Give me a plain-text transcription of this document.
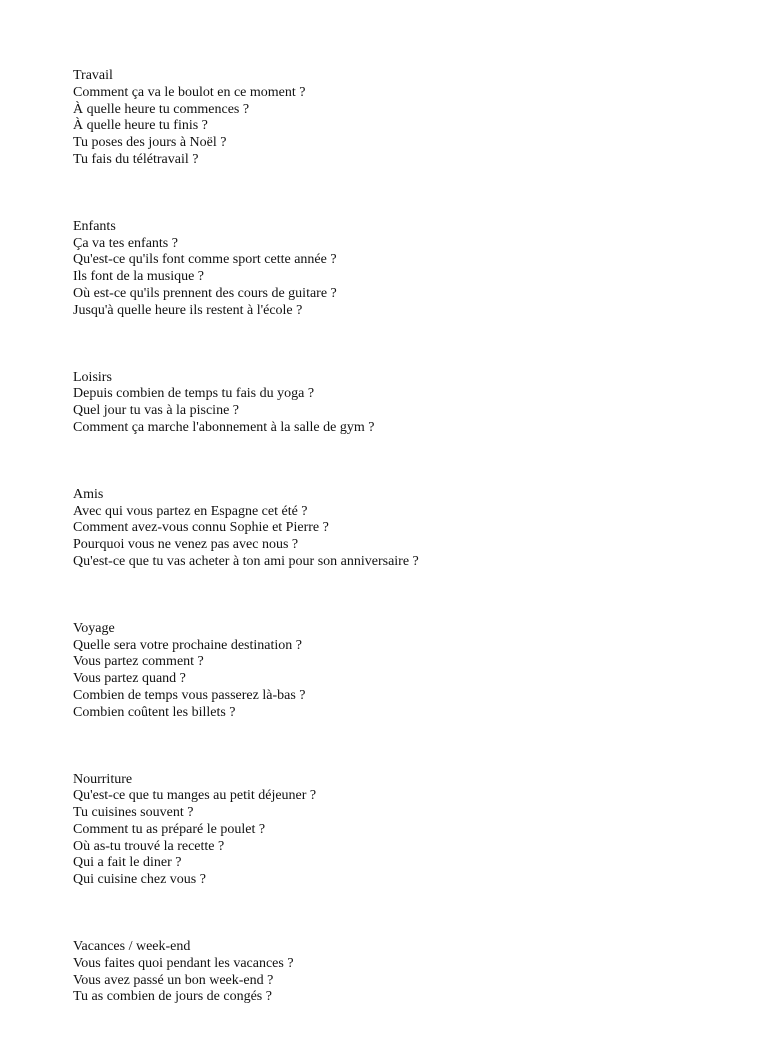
Travail
Comment ça va le boulot en ce moment ?
À quelle heure tu commences ?
À quelle heure tu finis ?
Tu poses des jours à Noël ?
Tu fais du télétravail ?
Enfants
Ça va tes enfants ?
Qu'est-ce qu'ils font comme sport cette année ?
Ils font de la musique ?
Où est-ce qu'ils prennent des cours de guitare ?
Jusqu'à quelle heure ils restent à l'école ?
Loisirs
Depuis combien de temps tu fais du yoga ?
Quel jour tu vas à la piscine ?
Comment ça marche l'abonnement à la salle de gym ?
Amis
Avec qui vous partez en Espagne cet été ?
Comment avez-vous connu Sophie et Pierre ?
Pourquoi vous ne venez pas avec nous ?
Qu'est-ce que tu vas acheter à ton ami pour son anniversaire ?
Voyage
Quelle sera votre prochaine destination ?
Vous partez comment ?
Vous partez quand ?
Combien de temps vous passerez là-bas ?
Combien coûtent les billets ?
Nourriture
Qu'est-ce que tu manges au petit déjeuner ?
Tu cuisines souvent ?
Comment tu as préparé le poulet ?
Où as-tu trouvé la recette ?
Qui a fait le diner ?
Qui cuisine chez vous ?
Vacances / week-end
Vous faites quoi pendant les vacances ?
Vous avez passé un bon week-end ?
Tu as combien de jours de congés ?
